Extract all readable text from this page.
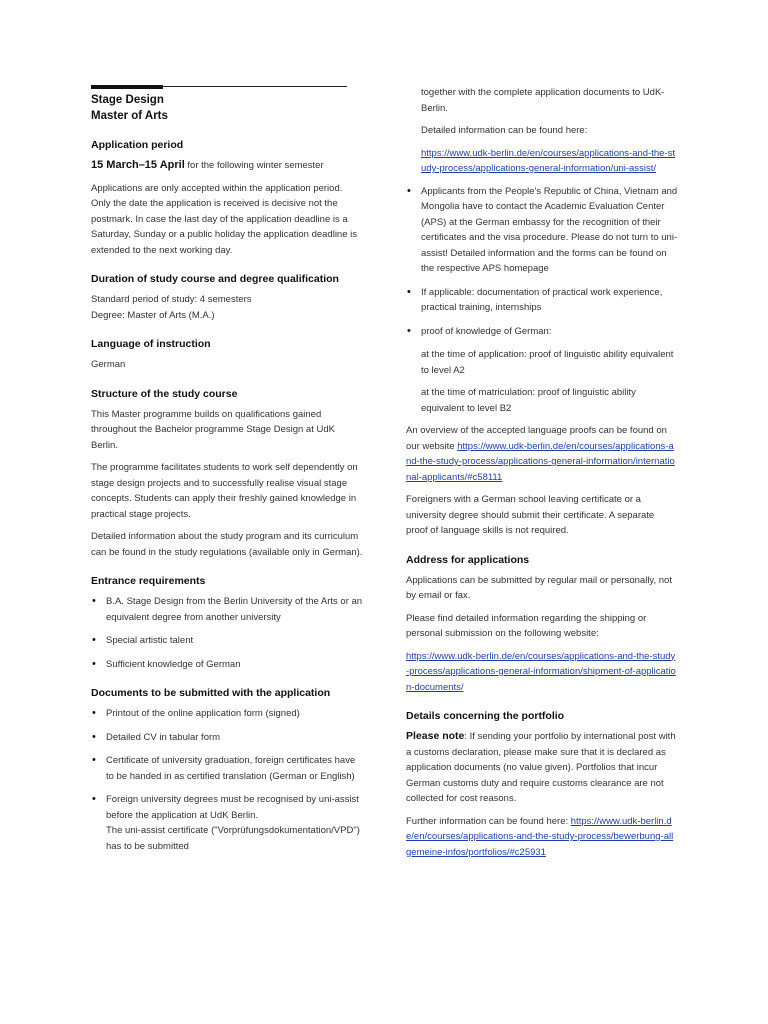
Stage Design

Master of Arts

Application period

15 March–15 April for the following winter semester

Applications are only accepted within the application period. Only the date the application is received is decisive not the postmark. In case the last day of the application deadline is a Saturday, Sunday or a public holiday the application deadline is extended to the next working day.

Duration of study course and degree qualification

Standard period of study: 4 semesters
Degree: Master of Arts (M.A.)

Language of instruction

German

Structure of the study course

This Master programme builds on qualifications gained throughout the Bachelor programme Stage Design at UdK Berlin.

The programme facilitates students to work self dependently on stage design projects and to successfully realise visual stage concepts. Students can apply their freshly gained knowledge in practical stage projects.

Detailed information about the study program and its curriculum can be found in the study regulations (available only in German).

Entrance requirements
• B.A. Stage Design from the Berlin University of the Arts or an equivalent degree from another university
• Special artistic talent
• Sufficient knowledge of German
Documents to be submitted with the application
• Printout of the online application form (signed)
• Detailed CV in tabular form
• Certificate of university graduation, foreign certificates have to be handed in as certified translation (German or English)
• Foreign university degrees must be recognised by uni-assist before the application at UdK Berlin.
The uni-assist certificate ("Vorprüfungsdokumentation/VPD") has to be submitted

together with the complete application documents to UdK-Berlin.

Detailed information can be found here:

https://www.udk-berlin.de/en/courses/applications-and-the-study-process/applications-general-information/uni-assist/

• Applicants from the People's Republic of China, Vietnam and Mongolia have to contact the Academic Evaluation Center (APS) at the German embassy for the recognition of their certificates and the visa procedure. Please do not turn to uni-assist! Detailed information and the forms can be found on the respective APS homepage
• If applicable: documentation of practical work experience, practical training, internships
• proof of knowledge of German:

at the time of application: proof of linguistic ability equivalent to level A2

at the time of matriculation: proof of linguistic ability equivalent to level B2

An overview of the accepted language proofs can be found on our website https://www.udk-berlin.de/en/courses/applications-and-the-study-process/applications-general-information/international-applicants/#c58111

Foreigners with a German school leaving certificate or a university degree should submit their certificate. A separate proof of language skills is not required.

Address for applications

Applications can be submitted by regular mail or personally, not by email or fax.

Please find detailed information regarding the shipping or personal submission on the following website:

https://www.udk-berlin.de/en/courses/applications-and-the-study-process/applications-general-information/shipment-of-application-documents/

Details concerning the portfolio

Please note: If sending your portfolio by international post with a customs declaration, please make sure that it is declared as application documents (no value given). Portfolios that incur German customs duty and require customs clearance are not collected for cost reasons.

Further information can be found here: https://www.udk-berlin.de/en/courses/applications-and-the-study-process/bewerbung-allgemeine-infos/portfolios/#c25931
